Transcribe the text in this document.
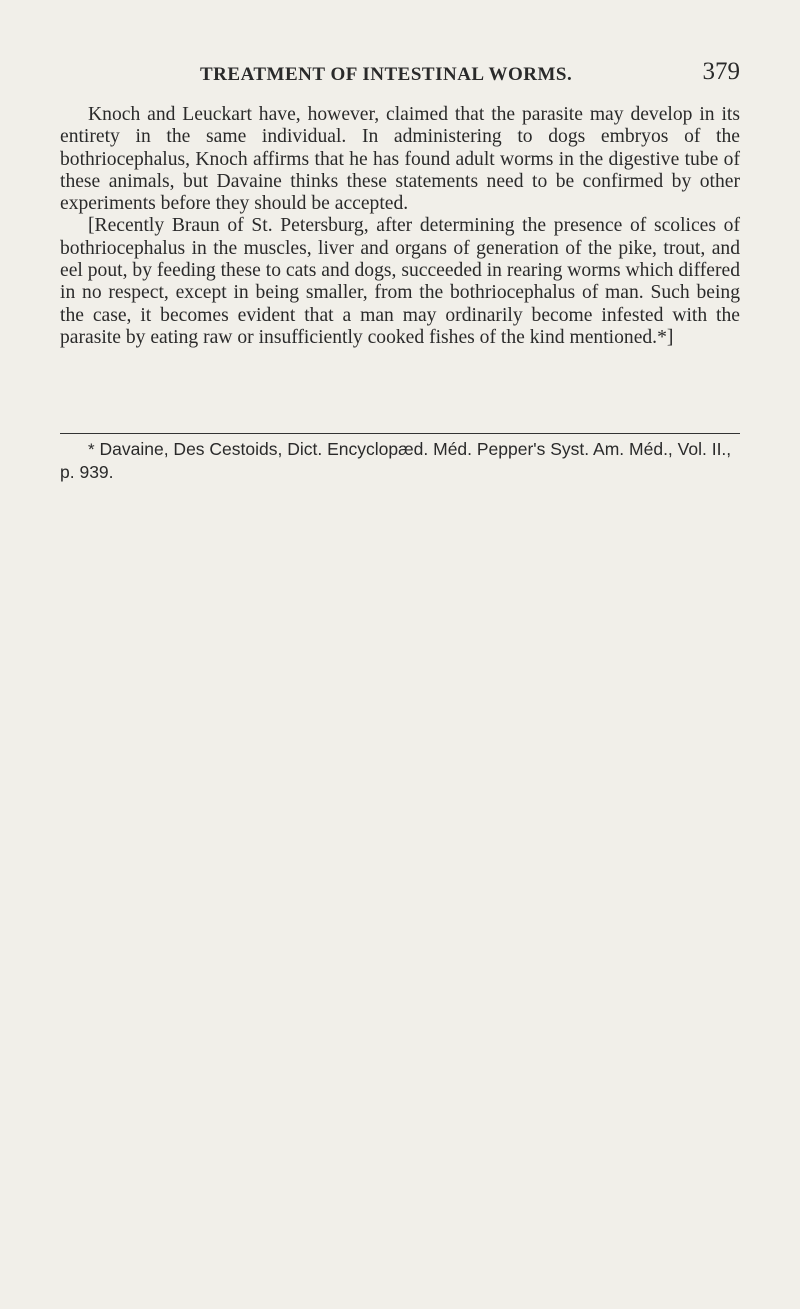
TREATMENT OF INTESTINAL WORMS.	379

Knoch and Leuckart have, however, claimed that the parasite may develop in its entirety in the same individual. In administering to dogs embryos of the bothriocephalus, Knoch affirms that he has found adult worms in the digestive tube of these animals, but Davaine thinks these statements need to be confirmed by other experiments before they should be accepted.

[Recently Braun of St. Petersburg, after determining the presence of scolices of bothriocephalus in the muscles, liver and organs of generation of the pike, trout, and eel pout, by feeding these to cats and dogs, succeeded in rearing worms which differed in no respect, except in being smaller, from the bothriocephalus of man. Such being the case, it becomes evident that a man may ordinarily become infested with the parasite by eating raw or insufficiently cooked fishes of the kind mentioned.*]

* Davaine, Des Cestoids, Dict. Encyclopæd. Méd. Pepper's Syst. Am. Méd., Vol. II., p. 939.
